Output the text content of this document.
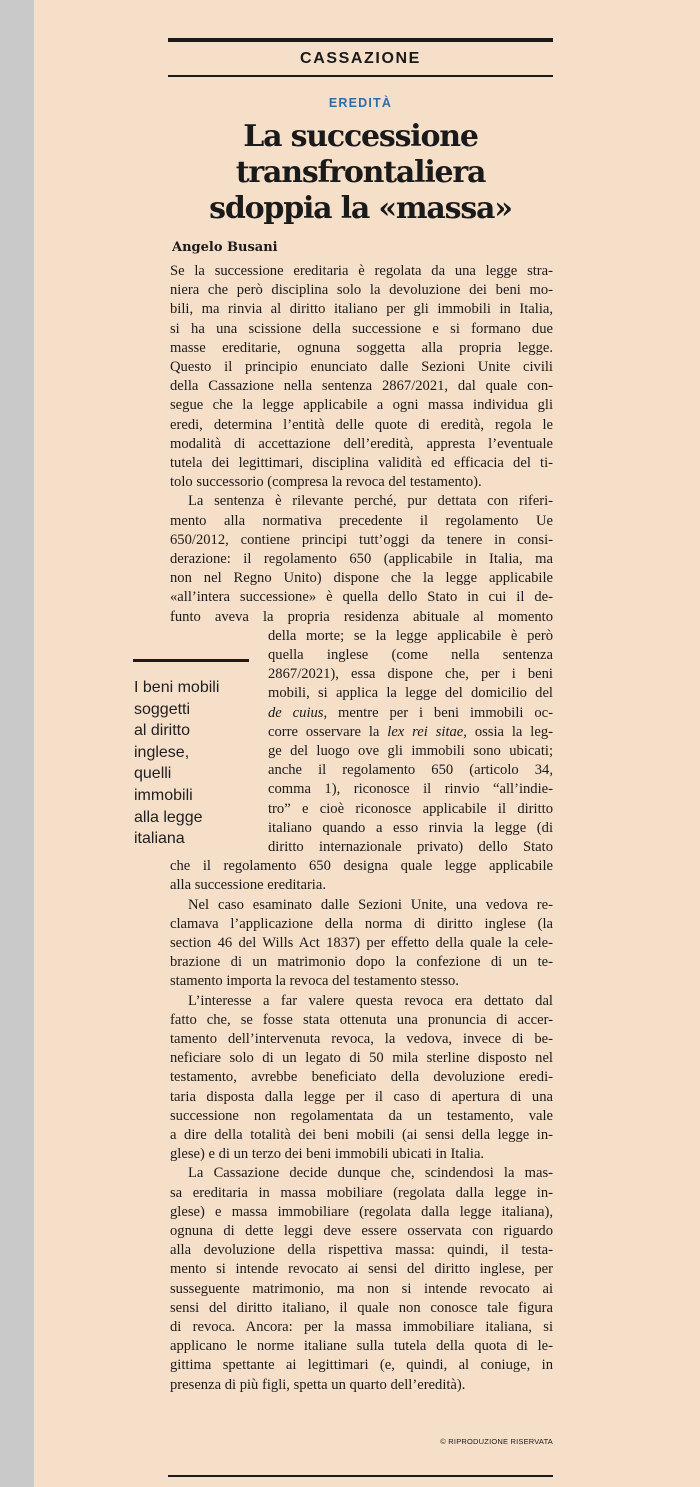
CASSAZIONE
EREDITÀ
La successione
transfrontaliera
sdoppia la «massa»
Angelo Busani
Se la successione ereditaria è regolata da una legge stra-
niera che però disciplina solo la devoluzione dei beni mo-
bili, ma rinvia al diritto italiano per gli immobili in Italia,
si ha una scissione della successione e si formano due
masse ereditarie, ognuna soggetta alla propria legge.
Questo il principio enunciato dalle Sezioni Unite civili
della Cassazione nella sentenza 2867/2021, dal quale con-
segue che la legge applicabile a ogni massa individua gli
eredi, determina l’entità delle quote di eredità, regola le
modalità di accettazione dell’eredità, appresta l’eventuale
tutela dei legittimari, disciplina validità ed efficacia del ti-
tolo successorio (compresa la revoca del testamento).
La sentenza è rilevante perché, pur dettata con riferi-
mento alla normativa precedente il regolamento Ue
650/2012, contiene principi tutt’oggi da tenere in consi-
derazione: il regolamento 650 (applicabile in Italia, ma
non nel Regno Unito) dispone che la legge applicabile
«all’intera successione» è quella dello Stato in cui il de-
funto aveva la propria residenza abituale al momento
della morte; se la legge applicabile è però
quella inglese (come nella sentenza
2867/2021), essa dispone che, per i beni
mobili, si applica la legge del domicilio del
de cuius, mentre per i beni immobili oc-
corre osservare la lex rei sitae, ossia la leg-
ge del luogo ove gli immobili sono ubicati;
anche il regolamento 650 (articolo 34,
comma 1), riconosce il rinvio “all’indie-
tro” e cioè riconosce applicabile il diritto
italiano quando a esso rinvia la legge (di
diritto internazionale privato) dello Stato
che il regolamento 650 designa quale legge applicabile
alla successione ereditaria.
Nel caso esaminato dalle Sezioni Unite, una vedova re-
clamava l’applicazione della norma di diritto inglese (la
section 46 del Wills Act 1837) per effetto della quale la cele-
brazione di un matrimonio dopo la confezione di un te-
stamento importa la revoca del testamento stesso.
L’interesse a far valere questa revoca era dettato dal
fatto che, se fosse stata ottenuta una pronuncia di accer-
tamento dell’intervenuta revoca, la vedova, invece di be-
neficiare solo di un legato di 50 mila sterline disposto nel
testamento, avrebbe beneficiato della devoluzione eredi-
taria disposta dalla legge per il caso di apertura di una
successione non regolamentata da un testamento, vale
a dire della totalità dei beni mobili (ai sensi della legge in-
glese) e di un terzo dei beni immobili ubicati in Italia.
La Cassazione decide dunque che, scindendosi la mas-
sa ereditaria in massa mobiliare (regolata dalla legge in-
glese) e massa immobiliare (regolata dalla legge italiana),
ognuna di dette leggi deve essere osservata con riguardo
alla devoluzione della rispettiva massa: quindi, il testa-
mento si intende revocato ai sensi del diritto inglese, per
susseguente matrimonio, ma non si intende revocato ai
sensi del diritto italiano, il quale non conosce tale figura
di revoca. Ancora: per la massa immobiliare italiana, si
applicano le norme italiane sulla tutela della quota di le-
gittima spettante ai legittimari (e, quindi, al coniuge, in
presenza di più figli, spetta un quarto dell’eredità).
I beni mobili
soggetti
al diritto
inglese,
quelli
immobili
alla legge
italiana
© RIPRODUZIONE RISERVATA
